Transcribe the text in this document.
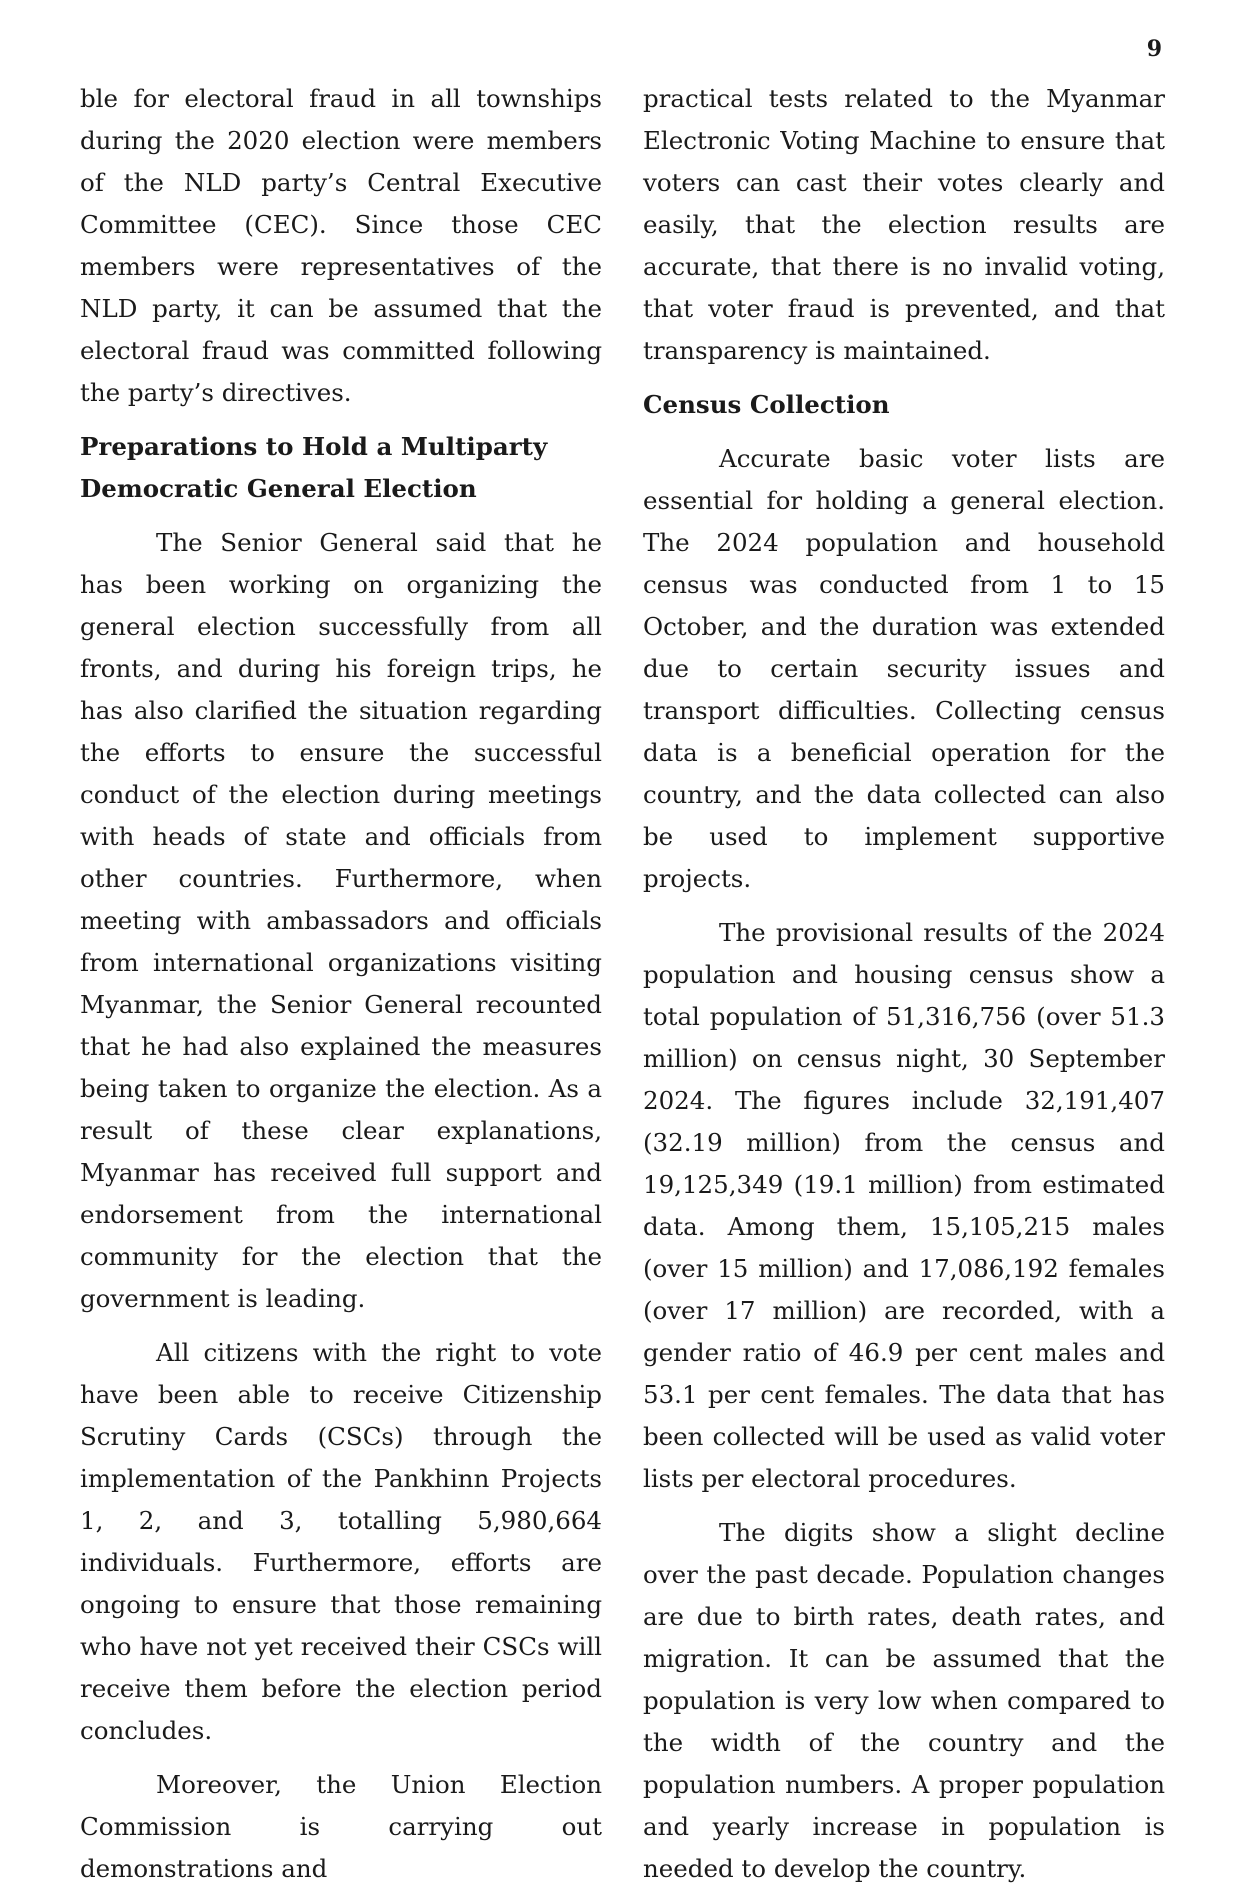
9

ble for electoral fraud in all townships during the 2020 election were members of the NLD party’s Central Executive Committee (CEC). Since those CEC members were representatives of the NLD party, it can be assumed that the electoral fraud was committed following the party’s directives.

Preparations to Hold a Multiparty Democratic General Election

The Senior General said that he has been working on organizing the general election successfully from all fronts, and during his foreign trips, he has also clarified the situation regarding the efforts to ensure the successful conduct of the election during meetings with heads of state and officials from other countries. Furthermore, when meeting with ambassadors and officials from international organizations visiting Myanmar, the Senior General recounted that he had also explained the measures being taken to organize the election. As a result of these clear explanations, Myanmar has received full support and endorsement from the international community for the election that the government is leading.

All citizens with the right to vote have been able to receive Citizenship Scrutiny Cards (CSCs) through the implementation of the Pankhinn Projects 1, 2, and 3, totalling 5,980,664 individuals. Furthermore, efforts are ongoing to ensure that those remaining who have not yet received their CSCs will receive them before the election period concludes.

Moreover, the Union Election Commission is carrying out demonstrations and

practical tests related to the Myanmar Electronic Voting Machine to ensure that voters can cast their votes clearly and easily, that the election results are accurate, that there is no invalid voting, that voter fraud is prevented, and that transparency is maintained.

Census Collection

Accurate basic voter lists are essential for holding a general election. The 2024 population and household census was conducted from 1 to 15 October, and the duration was extended due to certain security issues and transport difficulties. Collecting census data is a beneficial operation for the country, and the data collected can also be used to implement supportive projects.

The provisional results of the 2024 population and housing census show a total population of 51,316,756 (over 51.3 million) on census night, 30 September 2024. The figures include 32,191,407 (32.19 million) from the census and 19,125,349 (19.1 million) from estimated data. Among them, 15,105,215 males (over 15 million) and 17,086,192 females (over 17 million) are recorded, with a gender ratio of 46.9 per cent males and 53.1 per cent females. The data that has been collected will be used as valid voter lists per electoral procedures.

The digits show a slight decline over the past decade. Population changes are due to birth rates, death rates, and migration. It can be assumed that the population is very low when compared to the width of the country and the population numbers. A proper population and yearly increase in population is needed to develop the country.
